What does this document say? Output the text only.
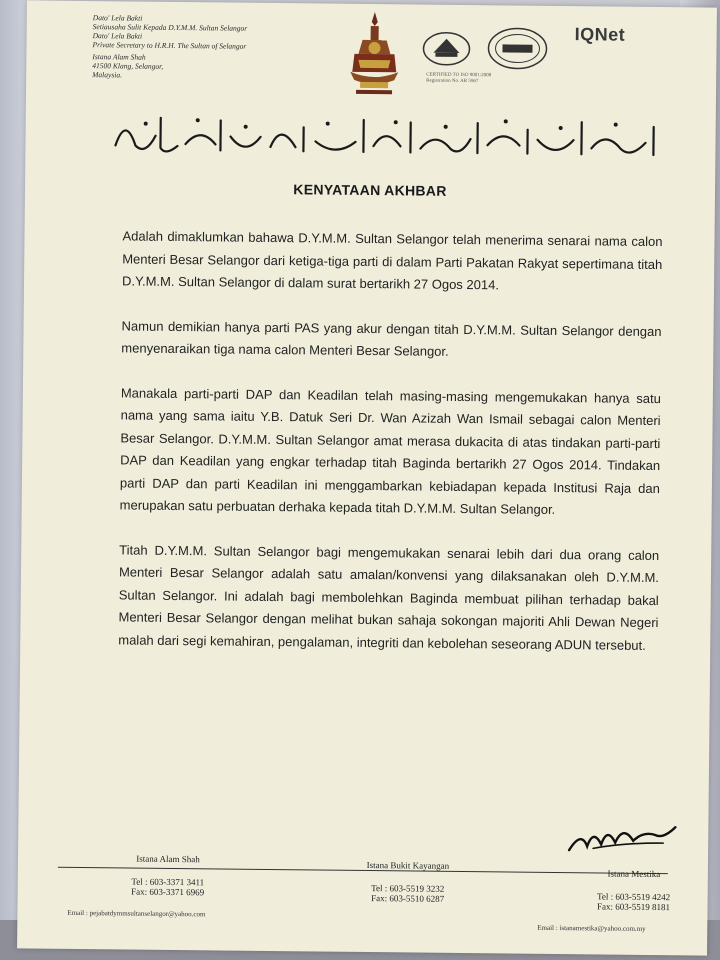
Dato' Lela Bakti
Setiausaha Sulit Kepada D.Y.M.M. Sultan Selangor
Dato' Lela Bakti
Private Secretary to H.R.H. The Sultan of Selangor
Istana Alam Shah
41500 Klang, Selangor,
Malaysia.
IQNet
CERTIFIED TO ISO 9001:2008
Registration No. AR 5967
KENYATAAN AKHBAR

Adalah dimaklumkan bahawa D.Y.M.M. Sultan Selangor telah menerima senarai nama calon Menteri Besar Selangor dari ketiga-tiga parti di dalam Parti Pakatan Rakyat sepertimana titah D.Y.M.M. Sultan Selangor di dalam surat bertarikh 27 Ogos 2014.

Namun demikian hanya parti PAS yang akur dengan titah D.Y.M.M. Sultan Selangor dengan menyenaraikan tiga nama calon Menteri Besar Selangor.

Manakala parti-parti DAP dan Keadilan telah masing-masing mengemukakan hanya satu nama yang sama iaitu Y.B. Datuk Seri Dr. Wan Azizah Wan Ismail sebagai calon Menteri Besar Selangor. D.Y.M.M. Sultan Selangor amat merasa dukacita di atas tindakan parti-parti DAP dan Keadilan yang engkar terhadap titah Baginda bertarikh 27 Ogos 2014. Tindakan parti DAP dan parti Keadilan ini menggambarkan kebiadapan kepada Institusi Raja dan merupakan satu perbuatan derhaka kepada titah D.Y.M.M. Sultan Selangor.

Titah D.Y.M.M. Sultan Selangor bagi mengemukakan senarai lebih dari dua orang calon Menteri Besar Selangor adalah satu amalan/konvensi yang dilaksanakan oleh D.Y.M.M. Sultan Selangor. Ini adalah bagi membolehkan Baginda membuat pilihan terhadap bakal Menteri Besar Selangor dengan melihat bukan sahaja sokongan majoriti Ahli Dewan Negeri malah dari segi kemahiran, pengalaman, integriti dan kebolehan seseorang ADUN tersebut.

Istana Alam Shah
Tel : 603-3371 3411
Fax: 603-3371 6969
Istana Bukit Kayangan
Tel : 603-5519 3232
Fax: 603-5510 6287
Istana Mestika
Tel : 603-5519 4242
Fax: 603-5519 8181
Email : pejabatdymmsultanselangor@yahoo.com
Email : istanamestika@yahoo.com.my
